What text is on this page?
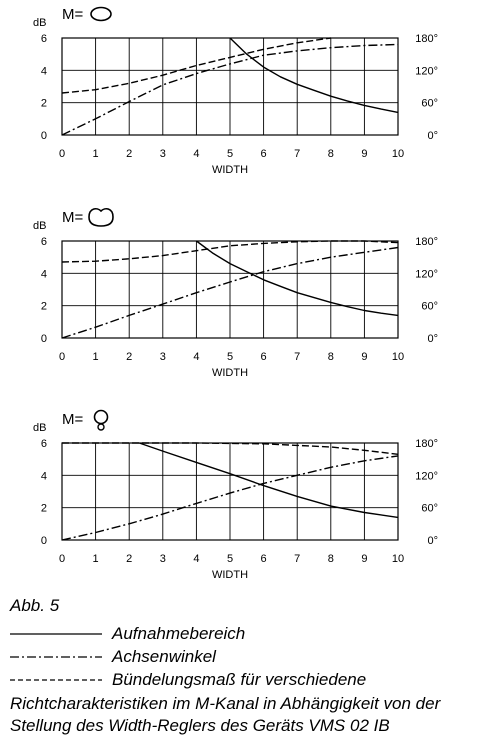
0 1 2 3 4 5 6 7 8 9 10
0
2
4
6
0°
60°
120°
180°
WIDTH
dB M=
0 1 2 3 4 5 6 7 8 9 10
0
2
4
6
0°
60°
120°
180°
WIDTH
dB M=
0 1 2 3 4 5 6 7 8 9 10
0
2
4
6
0°
60°
120°
180°
WIDTH
dB M=
Abb. 5
Aufnahmebereich
Achsenwinkel
Bündelungsmaß für verschiedene
Richtcharakteristiken im M-Kanal in Abhängigkeit von der Stellung des Width-Reglers des Geräts VMS 02 IB
